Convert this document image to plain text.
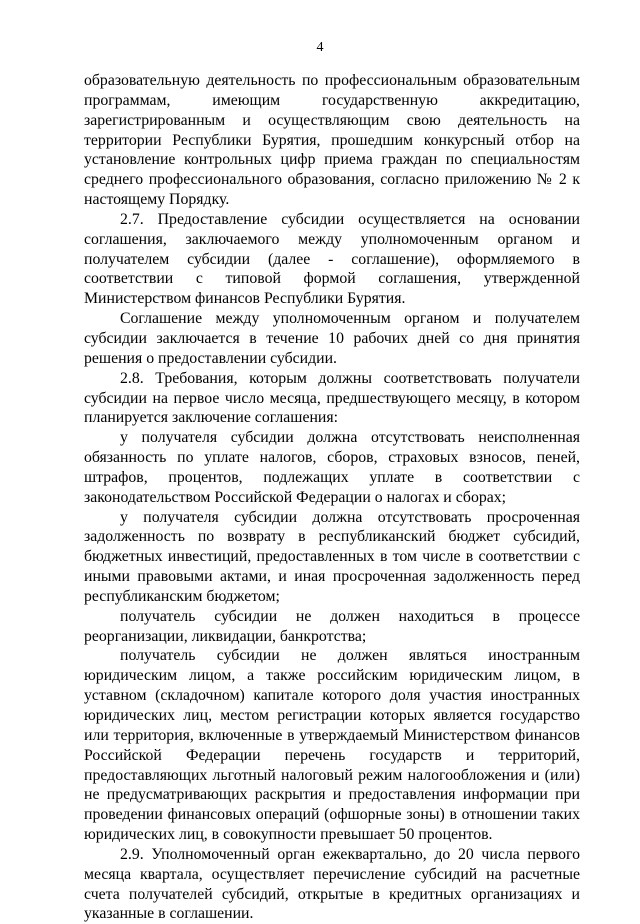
4

образовательную деятельность по профессиональным образовательным программам, имеющим государственную аккредитацию, зарегистрированным и осуществляющим свою деятельность на территории Республики Бурятия, прошедшим конкурсный отбор на установление контрольных цифр приема граждан по специальностям среднего профессионального образования, согласно приложению № 2 к настоящему Порядку.

2.7. Предоставление субсидии осуществляется на основании соглашения, заключаемого между уполномоченным органом и получателем субсидии (далее - соглашение), оформляемого в соответствии с типовой формой соглашения, утвержденной Министерством финансов Республики Бурятия.

Соглашение между уполномоченным органом и получателем субсидии заключается в течение 10 рабочих дней со дня принятия решения о предоставлении субсидии.

2.8. Требования, которым должны соответствовать получатели субсидии на первое число месяца, предшествующего месяцу, в котором планируется заключение соглашения:

у получателя субсидии должна отсутствовать неисполненная обязанность по уплате налогов, сборов, страховых взносов, пеней, штрафов, процентов, подлежащих уплате в соответствии с законодательством Российской Федерации о налогах и сборах;

у получателя субсидии должна отсутствовать просроченная задолженность по возврату в республиканский бюджет субсидий, бюджетных инвестиций, предоставленных в том числе в соответствии с иными правовыми актами, и иная просроченная задолженность перед республиканским бюджетом;

получатель субсидии не должен находиться в процессе реорганизации, ликвидации, банкротства;

получатель субсидии не должен являться иностранным юридическим лицом, а также российским юридическим лицом, в уставном (складочном) капитале которого доля участия иностранных юридических лиц, местом регистрации которых является государство или территория, включенные в утверждаемый Министерством финансов Российской Федерации перечень государств и территорий, предоставляющих льготный налоговый режим налогообложения и (или) не предусматривающих раскрытия и предоставления информации при проведении финансовых операций (офшорные зоны) в отношении таких юридических лиц, в совокупности превышает 50 процентов.

2.9. Уполномоченный орган ежеквартально, до 20 числа первого месяца квартала, осуществляет перечисление субсидий на расчетные счета получателей субсидий, открытые в кредитных организациях и указанные в соглашении.
